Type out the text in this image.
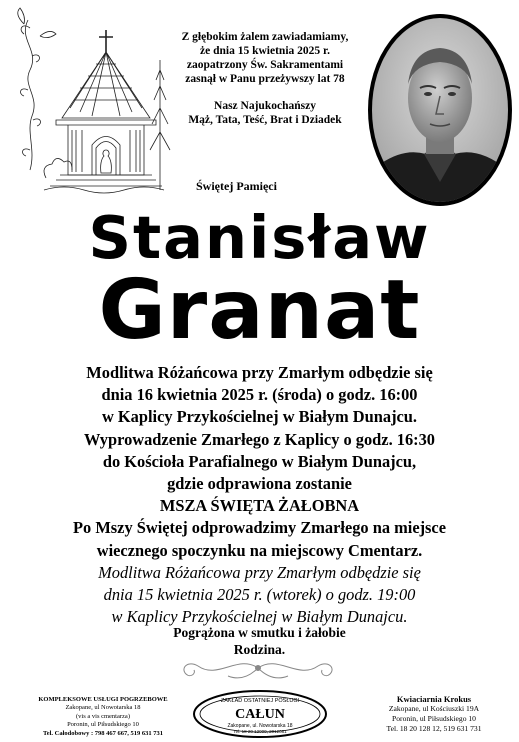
Z głębokim żalem zawiadamiamy,

że dnia 15 kwietnia 2025 r.

zaopatrzony Św. Sakramentami

zasnął w Panu przeżywszy lat 78

Nasz Najukochańszy

Mąż, Tata, Teść, Brat i Dziadek

Świętej Pamięci
Stanisław
Granat

Modlitwa Różańcowa przy Zmarłym odbędzie się

dnia 16 kwietnia 2025 r. (środa) o godz. 16:00

w Kaplicy Przykościelnej w Białym Dunajcu.

Wyprowadzenie Zmarłego z Kaplicy o godz. 16:30

do Kościoła Parafialnego w Białym Dunajcu,

gdzie odprawiona zostanie

MSZA ŚWIĘTA ŻAŁOBNA

Po Mszy Świętej odprowadzimy Zmarłego na miejsce

wiecznego spoczynku na miejscowy Cmentarz.

Modlitwa Różańcowa przy Zmarłym odbędzie się

dnia 15 kwietnia 2025 r. (wtorek) o godz. 19:00

w Kaplicy Przykościelnej w Białym Dunajcu.

Pogrążona w smutku i żałobie

Rodzina.

KOMPLEKSOWE USŁUGI POGRZEBOWE

Zakopane, ul Nowotarska 18

(vis a vis cmentarza)

Poronin, ul Piłsudskiego 10

Tel. Całodobowy : 798 467 667, 519 631 731

ZAKŁAD OSTATNIEJ POSŁUGI
CAŁUN
Zakopane, ul. Nowotarska 18
Tel. 18 20 12000, 2012081

Kwiaciarnia Krokus

Zakopane, ul Kościuszki 19A

Poronin, ul Piłsudskiego 10

Tel. 18 20 128 12, 519 631 731
